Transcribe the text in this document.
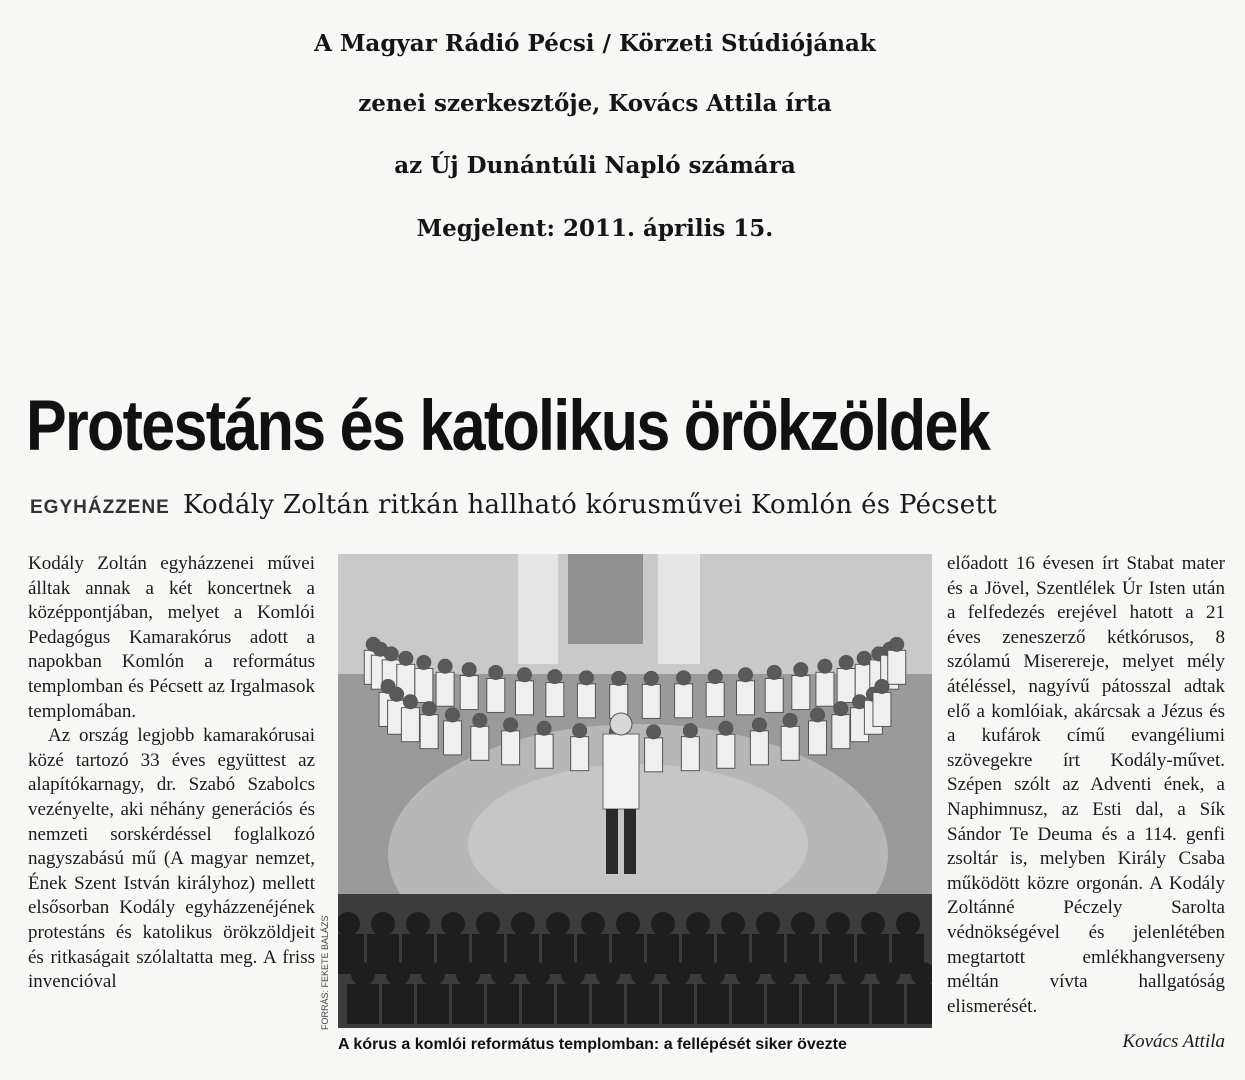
A Magyar Rádió Pécsi / Körzeti Stúdiójának
zenei szerkesztője, Kovács Attila írta
az Új Dunántúli Napló számára
Megjelent: 2011. április 15.
Protestáns és katolikus örökzöldek
EGYHÁZZENE Kodály Zoltán ritkán hallható kórusművei Komlón és Pécsett

Kodály Zoltán egyházzenei művei álltak annak a két koncertnek a középpontjában, melyet a Komlói Pedagógus Kamarakórus adott a napokban Komlón a református templomban és Pécsett az Irgalmasok templomában.

Az ország legjobb kamarakórusai közé tartozó 33 éves együttest az alapítókarnagy, dr. Szabó Szabolcs vezényelte, aki néhány generációs és nemzeti sorskérdéssel foglalkozó nagyszabású mű (A magyar nemzet, Ének Szent István királyhoz) mellett elsősorban Kodály egyházzenéjének protestáns és katolikus örökzöldjeit és ritkaságait szólaltatta meg. A friss invencióval	FORRÁS: FEKETE BALÁZS
A kórus a komlói református templomban: a fellépését siker övezte

előadott 16 évesen írt Stabat mater és a Jövel, Szentlélek Úr Isten után a felfedezés erejével hatott a 21 éves zeneszerző kétkórusos, 8 szólamú Miserereje, melyet mély átéléssel, nagyívű pátosszal adtak elő a komlóiak, akárcsak a Jézus és a kufárok című evangéliumi szövegekre írt Kodály-művet. Szépen szólt az Adventi ének, a Naphimnusz, az Esti dal, a Sík Sándor Te Deuma és a 114. genfi zsoltár is, melyben Király Csaba működött közre orgonán. A Kodály Zoltánné Péczely Sarolta védnökségével és jelenlétében megtartott emlékhangverseny méltán vívta hallgatóság elismerését.

Kovács Attila
